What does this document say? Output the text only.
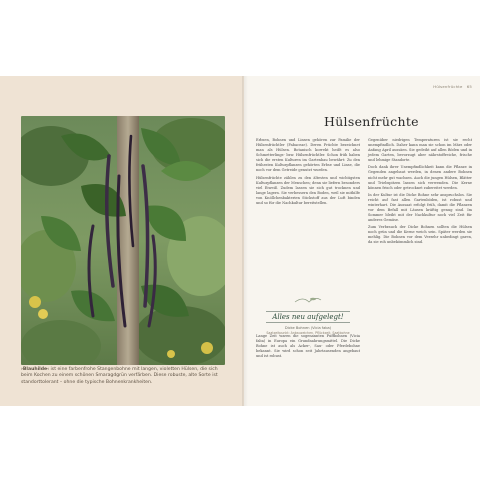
›Blauhilde‹ ist eine farbenfrohe Stangenbohne mit langen, violetten Hülsen, die sich beim Kochen zu einem schönen Smaragdgrün verfärben. Diese robuste, alte Sorte ist standorttolerant – ohne die typische Bohnenkrankheiten.
Hülsenfrüchte 65
Hülsenfrüchte

Erbsen, Bohnen und Linsen gehören zur Familie der Hülsenfrüchtler (Fabaceae). Deren Früchte bezeichnet man als Hülsen. Botanisch korrekt heißt es also Schmetterlings- bzw. Hülsenfrüchtler. Schon früh haben sich die ersten Kulturen im Gartenbau bewährt: Zu den frühesten Kulturpflanzen gehörten Erbse und Linse, die noch vor dem Getreide genutzt wurden.

Hülsenfrüchte zählen zu den ältesten und wichtigsten Kulturpflanzen der Menschen; denn sie liefern besonders viel Eiweiß. Zudem lassen sie sich gut trocknen und lange lagern. Sie verbessern den Boden, weil sie mithilfe von Knöllchenbakterien Stickstoff aus der Luft binden und so für die Nachkultur bereitstellen.

Alles neu aufgelegt!
Dicke Bohnen (Vicia faba)
Saatzeitpunkt: Anbauzeichen, Pflückzeit, Saatbohne

Lange Zeit waren die sogenannten Puffbohnen (Vicia faba) in Europa ein Grundnahrungsmittel. Die Dicke Bohne ist auch als Acker-, Sau- oder Pferdebohne bekannt. Sie wird schon seit Jahrtausenden angebaut und ist robust.

Gegenüber niedrigen Temperaturen ist sie recht unempfindlich. Daher kann man sie schon im März oder Anfang April aussäen. Sie gedeiht auf allen Böden und in jedem Garten, bevorzugt aber nährstoffreiche, frische und lehmige Standorte.

Doch dank ihrer Unempfindlichkeit kann die Pflanze in Gegenden angebaut werden, in denen andere Bohnen nicht mehr gut wachsen. Auch die jungen Hülsen, Blätter und Triebspitzen lassen sich verwenden. Die Kerne können frisch oder getrocknet zubereitet werden.

In der Kultur ist die Dicke Bohne sehr anspruchslos. Sie reicht auf fast allen Gartenböden, ist robust und winterhart. Die Aussaat erfolgt früh, damit die Pflanzen vor dem Befall mit Läusen kräftig genug sind. Im Sommer bleibt mit der Nachkultur noch viel Zeit für anderes Gemüse.

Zum Verbrauch der Dicke Bohnen sollten die Hülsen noch grün und die Kerne weich sein. Später werden sie mehlig. Die Bohnen vor dem Verzehr unbedingt garen, da sie roh unbekömmlich sind.
